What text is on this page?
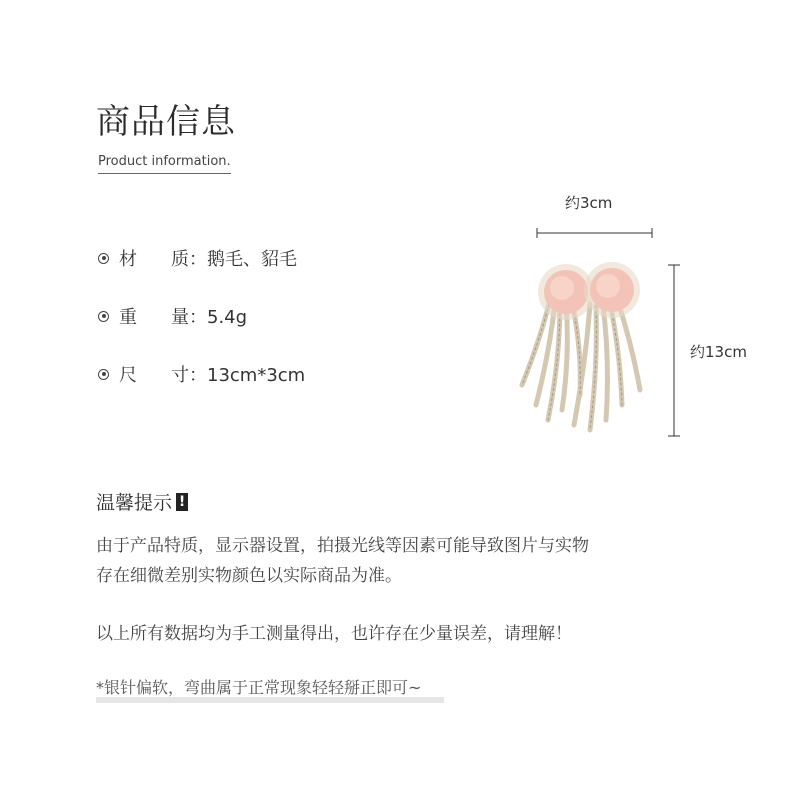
商品信息
Product information.
材 质：鹅毛、貂毛
重 量：5.4g
尺 寸：13cm*3cm
约3cm
约13cm
温馨提示 !
由于产品特质，显示器设置，拍摄光线等因素可能导致图片与实物
存在细微差别实物颜色以实际商品为准。
以上所有数据均为手工测量得出，也许存在少量误差，请理解！
*银针偏软，弯曲属于正常现象轻轻掰正即可~
